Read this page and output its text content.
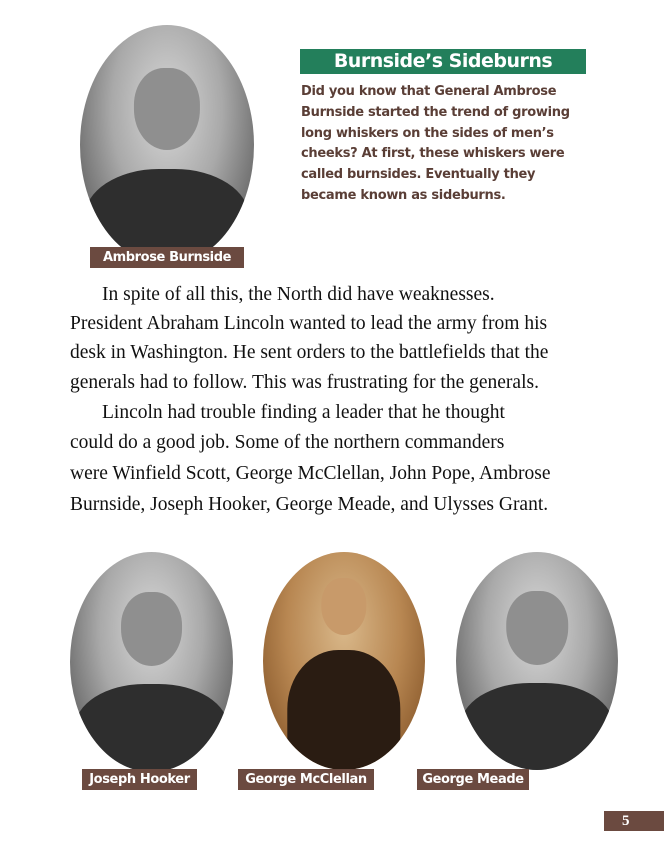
Ambrose Burnside
Burnside’s Sideburns
Did you know that General Ambrose
Burnside started the trend of growing
long whiskers on the sides of men’s
cheeks? At first, these whiskers were
called burnsides. Eventually they
became known as sideburns.
In spite of all this, the North did have weaknesses.
President Abraham Lincoln wanted to lead the army from his
desk in Washington. He sent orders to the battlefields that the
generals had to follow. This was frustrating for the generals.
Lincoln had trouble finding a leader that he thought
could do a good job. Some of the northern commanders
were Winfield Scott, George McClellan, John Pope, Ambrose
Burnside, Joseph Hooker, George Meade, and Ulysses Grant.
Joseph Hooker	George McClellan	George Meade
5
